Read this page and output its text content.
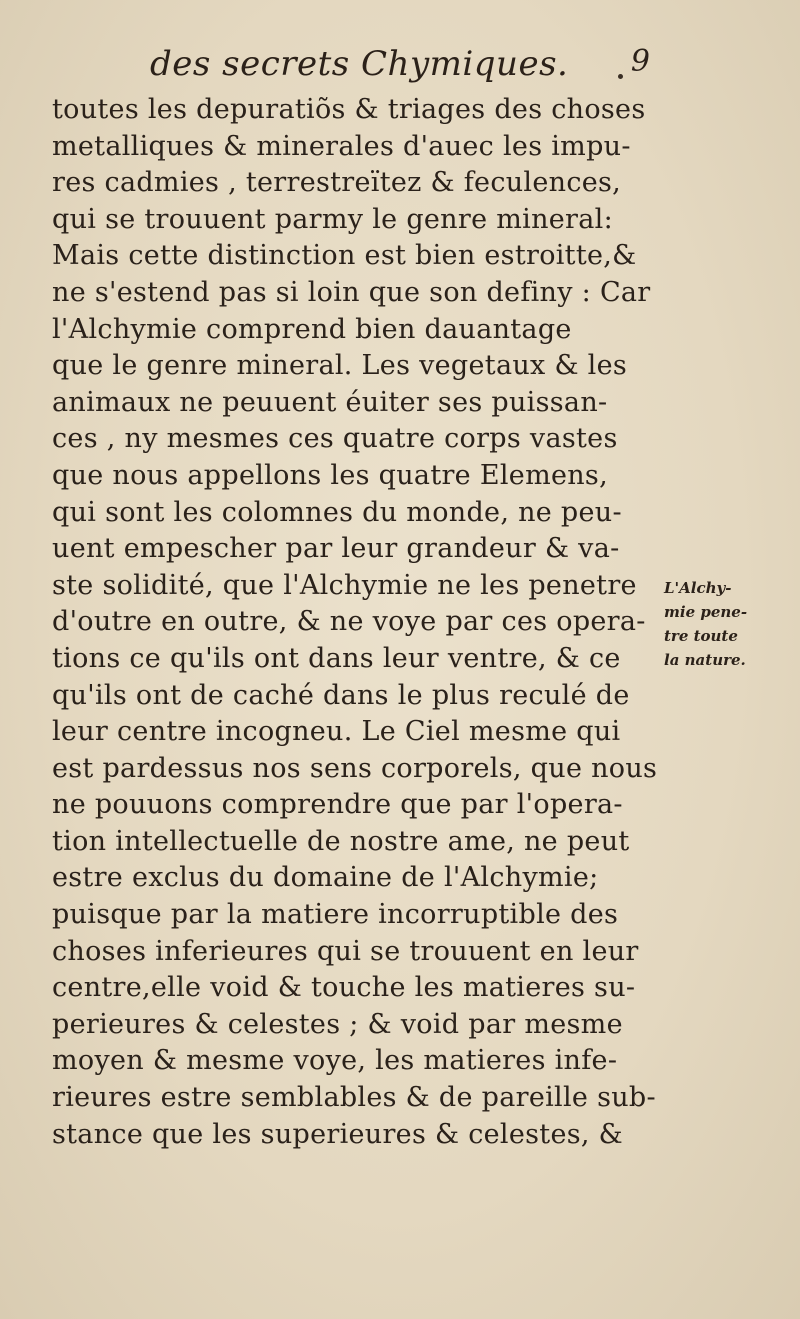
des secrets Chymiques. 9
toutes les depuratiõs & triages des choses
metalliques & minerales d'auec les impu-
res cadmies , terrestreïtez & feculences,
qui se trouuent parmy le genre mineral:
Mais cette distinction est bien estroitte,&
ne s'estend pas si loin que son definy : Car
l'Alchymie comprend bien dauantage
que le genre mineral. Les vegetaux & les
animaux ne peuuent éuiter ses puissan-
ces , ny mesmes ces quatre corps vastes
que nous appellons les quatre Elemens,
qui sont les colomnes du monde, ne peu-
uent empescher par leur grandeur & va-
ste solidité, que l'Alchymie ne les penetre
d'outre en outre, & ne voye par ces opera-
tions ce qu'ils ont dans leur ventre, & ce
qu'ils ont de caché dans le plus reculé de
leur centre incogneu. Le Ciel mesme qui
est pardessus nos sens corporels, que nous
ne pouuons comprendre que par l'opera-
tion intellectuelle de nostre ame, ne peut
estre exclus du domaine de l'Alchymie;
puisque par la matiere incorruptible des
choses inferieures qui se trouuent en leur
centre,elle void & touche les matieres su-
perieures & celestes ; & void par mesme
moyen & mesme voye, les matieres infe-
rieures estre semblables & de pareille sub-
stance que les superieures & celestes, &
L'Alchy-
mie pene-
tre toute
la nature.
